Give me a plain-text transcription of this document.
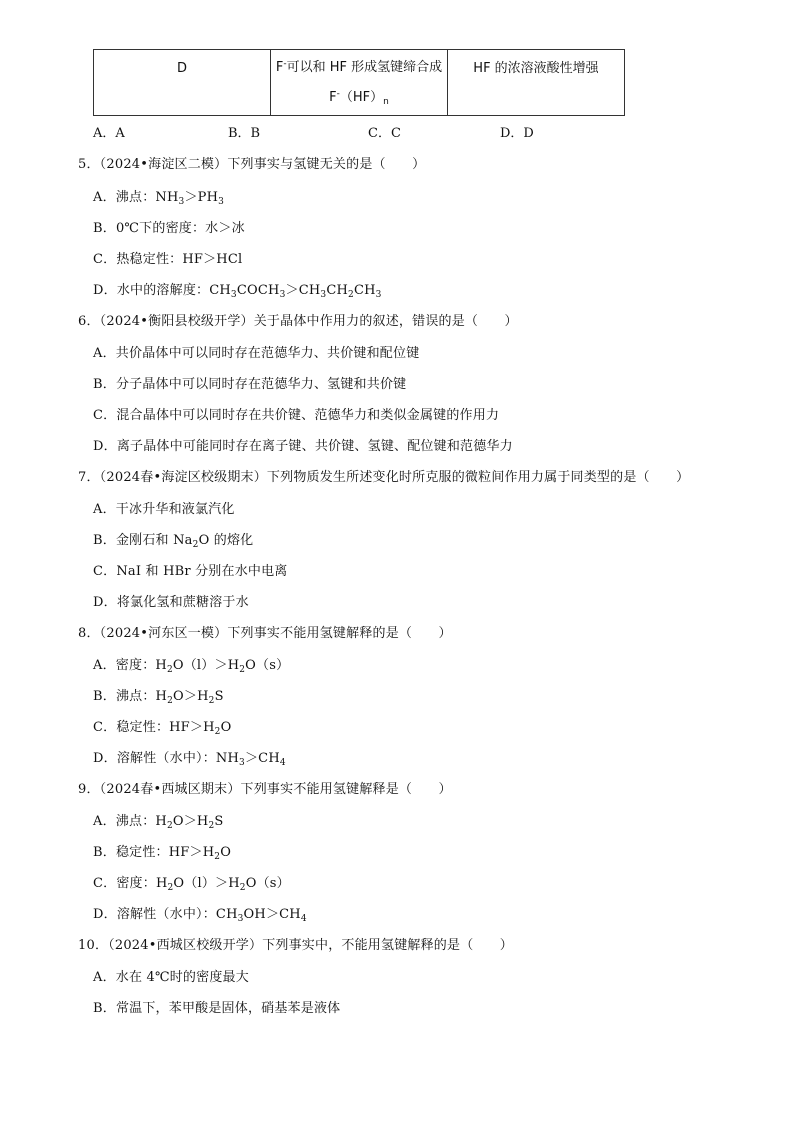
D	F-可以和 HF 形成氢键缔合成 $F^-(HF)_n$	HF 的浓溶液酸性增强
A．A	B．B	C．C	D．D
5．（2024•海淀区二模）下列事实与氢键无关的是（　　）
A．沸点：$NH_3>PH_3$
B．0℃下的密度：水＞冰
C．热稳定性：HF＞HCl
D．水中的溶解度：$CH_3COCH_3>CH_3CH_2CH_3$
6．（2024•衡阳县校级开学）关于晶体中作用力的叙述，错误的是（　　）
A．共价晶体中可以同时存在范德华力、共价键和配位键
B．分子晶体中可以同时存在范德华力、氢键和共价键
C．混合晶体中可以同时存在共价键、范德华力和类似金属键的作用力
D．离子晶体中可能同时存在离子键、共价键、氢键、配位键和范德华力
7．（2024春•海淀区校级期末）下列物质发生所述变化时所克服的微粒间作用力属于同类型的是（　　）
A．干冰升华和液氯汽化
B．金刚石和 $Na_2O$ 的熔化
C．NaI 和 HBr 分别在水中电离
D．将氯化氢和蔗糖溶于水
8．（2024•河东区一模）下列事实不能用氢键解释的是（　　）
A．密度：$H_2O(l)>H_2O(s)$
B．沸点：$H_2O>H_2S$
C．稳定性：$HF>H_2O$
D．溶解性（水中）：$NH_3>CH_4$
9．（2024春•西城区期末）下列事实不能用氢键解释是（　　）
A．沸点：$H_2O>H_2S$
B．稳定性：$HF>H_2O$
C．密度：$H_2O(l)>H_2O(s)$
D．溶解性（水中）：$CH_3OH>CH_4$
10．（2024•西城区校级开学）下列事实中，不能用氢键解释的是（　　）
A．水在 4℃时的密度最大
B．常温下，苯甲酸是固体，硝基苯是液体
